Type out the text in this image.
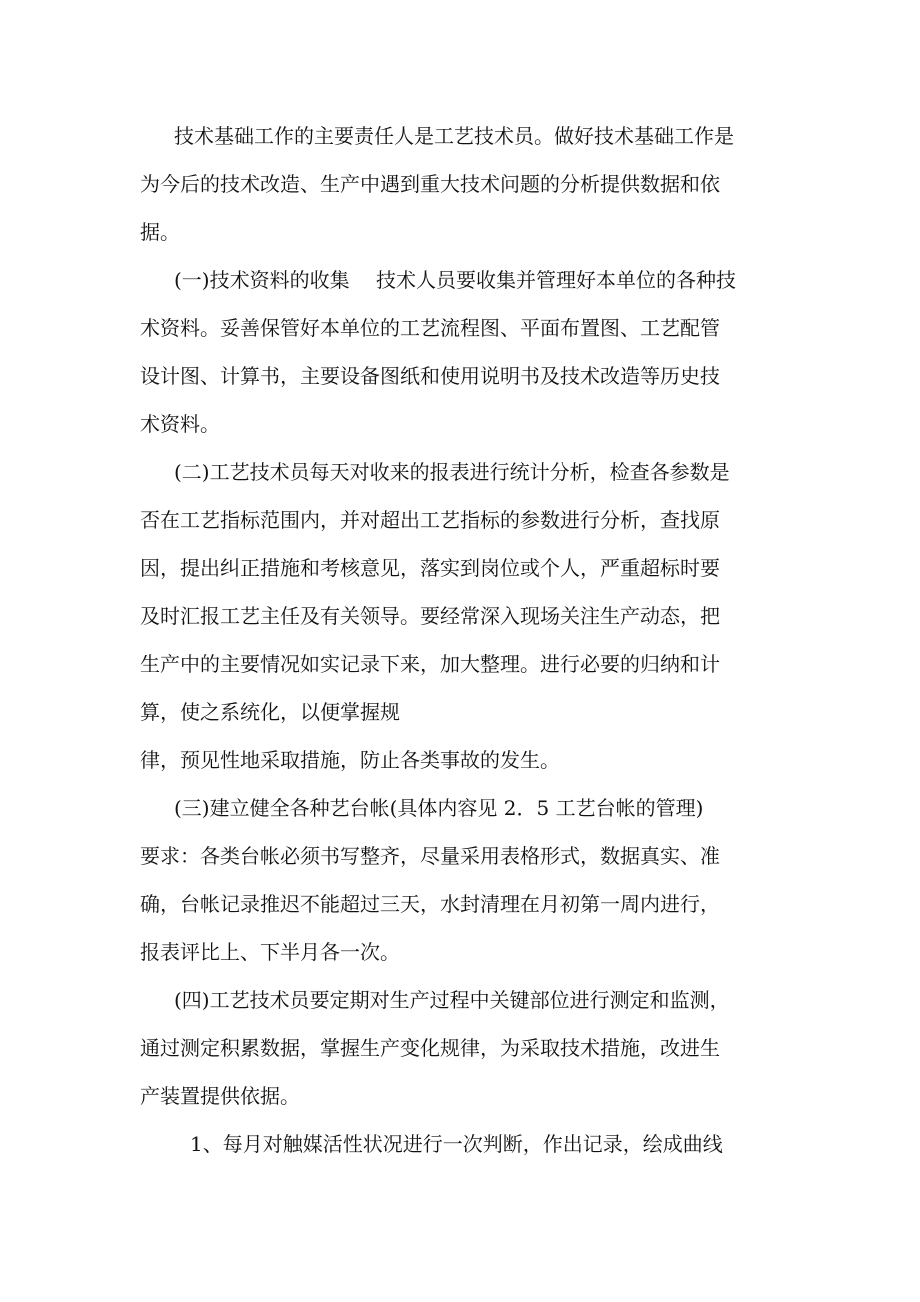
技术基础工作的主要责任人是工艺技术员。做好技术基础工作是
为今后的技术改造、生产中遇到重大技术问题的分析提供数据和依
据。
(一)技术资料的收集　 技术人员要收集并管理好本单位的各种技
术资料。妥善保管好本单位的工艺流程图、平面布置图、工艺配管
设计图、计算书，主要设备图纸和使用说明书及技术改造等历史技
术资料。
(二)工艺技术员每天对收来的报表进行统计分析，检查各参数是
否在工艺指标范围内，并对超出工艺指标的参数进行分析，查找原
因，提出纠正措施和考核意见，落实到岗位或个人，严重超标时要
及时汇报工艺主任及有关领导。要经常深入现场关注生产动态，把
生产中的主要情况如实记录下来，加大整理。进行必要的归纳和计
算，使之系统化，以便掌握规
律，预见性地采取措施，防止各类事故的发生。
(三)建立健全各种艺台帐(具体内容见 2．5 工艺台帐的管理)
要求：各类台帐必须书写整齐，尽量采用表格形式，数据真实、准
确，台帐记录推迟不能超过三天，水封清理在月初第一周内进行，
报表评比上、下半月各一次。
(四)工艺技术员要定期对生产过程中关键部位进行测定和监测，
通过测定积累数据，掌握生产变化规律，为采取技术措施，改进生
产装置提供依据。
1、每月对触媒活性状况进行一次判断，作出记录，绘成曲线
